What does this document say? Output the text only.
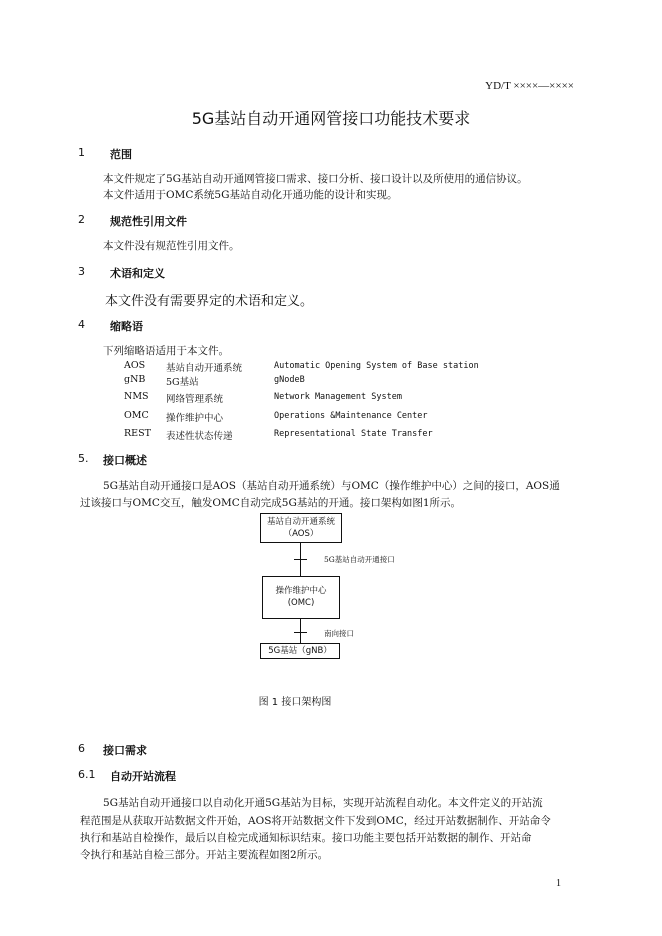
YD/T ××××—××××
5G基站自动开通网管接口功能技术要求
1 范围
本文件规定了5G基站自动开通网管接口需求、接口分析、接口设计以及所使用的通信协议。
本文件适用于OMC系统5G基站自动化开通功能的设计和实现。
2 规范性引用文件
本文件没有规范性引用文件。
3 术语和定义
本文件没有需要界定的术语和定义。
4 缩略语
下列缩略语适用于本文件。
AOS 基站自动开通系统	Automatic Opening System of Base station
gNB 5G基站	gNodeB
NMS 网络管理系统	Network Management System
OMC 操作维护中心	Operations &Maintenance Center
REST 表述性状态传递	Representational State Transfer
5. 接口概述
5G基站自动开通接口是AOS（基站自动开通系统）与OMC（操作维护中心）之间的接口，AOS通
过该接口与OMC交互，触发OMC自动完成5G基站的开通。接口架构如图1所示。
基站自动开通系统
（AOS）
5G基站自动开通接口
操作维护中心
(OMC)
南向接口
5G基站（gNB）
图 1 接口架构图
6 接口需求
6.1 自动开站流程
5G基站自动开通接口以自动化开通5G基站为目标，实现开站流程自动化。本文件定义的开站流
程范围是从获取开站数据文件开始，AOS将开站数据文件下发到OMC，经过开站数据制作、开站命令
执行和基站自检操作，最后以自检完成通知标识结束。接口功能主要包括开站数据的制作、开站命
令执行和基站自检三部分。开站主要流程如图2所示。
1
